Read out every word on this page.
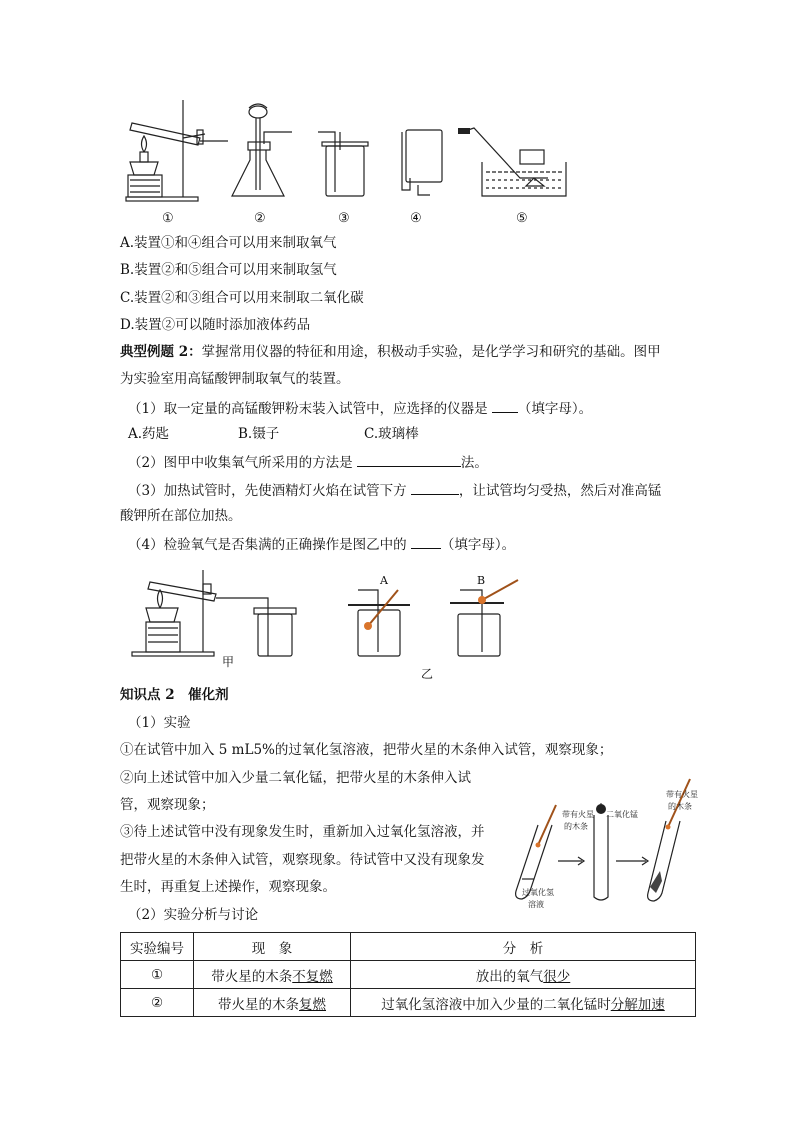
①	②	③	④	⑤
A.装置①和④组合可以用来制取氧气
B.装置②和⑤组合可以用来制取氢气
C.装置②和③组合可以用来制取二氧化碳
D.装置②可以随时添加液体药品
典型例题 2：掌握常用仪器的特征和用途，积极动手实验，是化学学习和研究的基础。图甲
为实验室用高锰酸钾制取氧气的装置。
（1）取一定量的高锰酸钾粉末装入试管中，应选择的仪器是 （填字母）。
A.药匙	B.镊子	C.玻璃棒
（2）图甲中收集氧气所采用的方法是	法。
（3）加热试管时，先使酒精灯火焰在试管下方	，让试管均匀受热，然后对准高锰
酸钾所在部位加热。
（4）检验氧气是否集满的正确操作是图乙中的	（填字母）。
A	B
甲
乙
知识点 2  催化剂
（1）实验
①在试管中加入 5 mL5%的过氧化氢溶液，把带火星的木条伸入试管，观察现象；
②向上述试管中加入少量二氧化锰，把带火星的木条伸入试
管，观察现象；
③待上述试管中没有现象发生时，重新加入过氧化氢溶液，并
把带火星的木条伸入试管，观察现象。待试管中又没有现象发
生时，再重复上述操作，观察现象。
（2）实验分析与讨论
带有火星
的木条
二氧化锰
带有火星
的木条
过氧化氢
溶液
实验编号	现　象	分　析
①	带火星的木条不复燃	放出的氧气很少
②	带火星的木条复燃	过氧化氢溶液中加入少量的二氧化锰时分解加速
